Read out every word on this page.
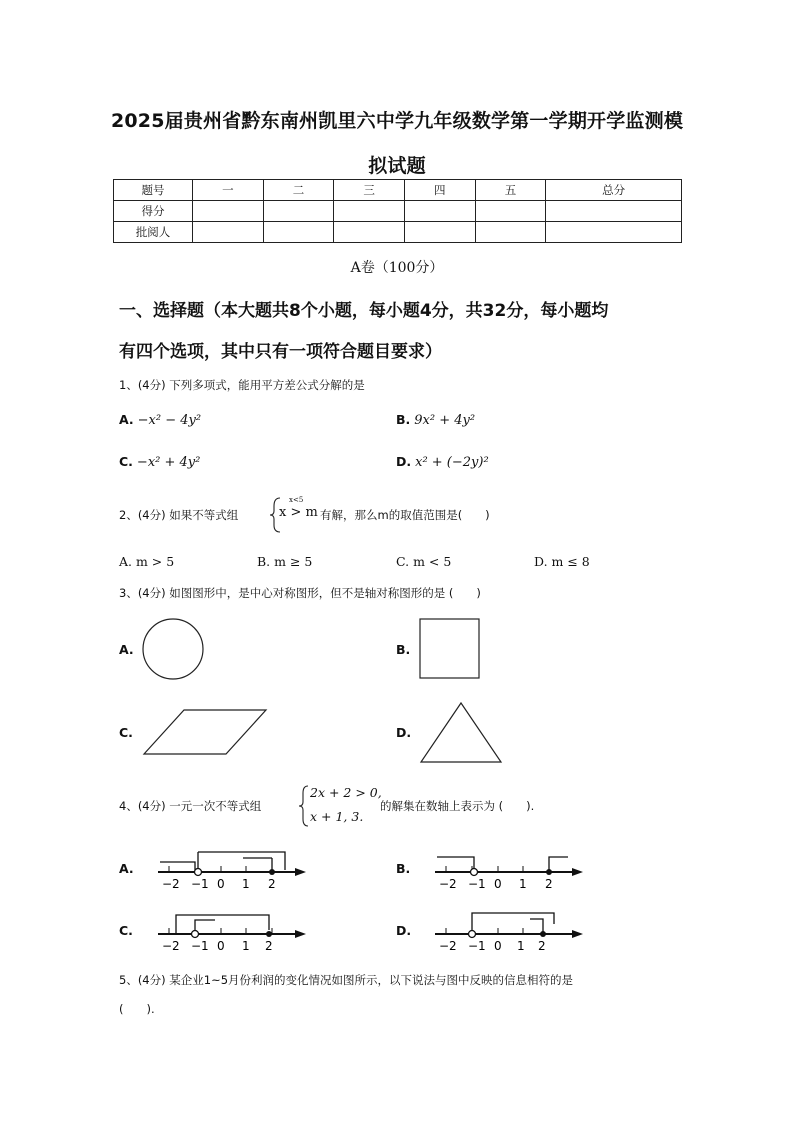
2025届贵州省黔东南州凯里六中学九年级数学第一学期开学监测模
拟试题
题号	一	二	三	四	五	总分
得分						
批阅人						
A卷（100分）
一、选择题（本大题共8个小题，每小题4分，共32分，每小题均
有四个选项，其中只有一项符合题目要求）
1、(4分) 下列多项式，能用平方差公式分解的是
A. −x² − 4y²	B. 9x² + 4y²
C. −x² + 4y²	D. x² + (−2y)²
2、(4分) 如果不等式组
x<5
x > m 有解，那么m的取值范围是(　　)
A. m > 5	B. m ≥ 5	C. m < 5	D. m ≤ 8
3、(4分) 如图图形中，是中心对称图形，但不是轴对称图形的是 (　　)
A.	B.
C.	D.
4、(4分) 一元一次不等式组
2x + 2 > 0,
x + 1, 3.
的解集在数轴上表示为 (　　).
A.
−2 −1 0 1 2
B.
−2 −1 0 1 2
C.
−2 −1 0 1 2
D.
−2 −1 0 1 2
5、(4分) 某企业1~5月份利润的变化情况如图所示，以下说法与图中反映的信息相符的是
(　　).
